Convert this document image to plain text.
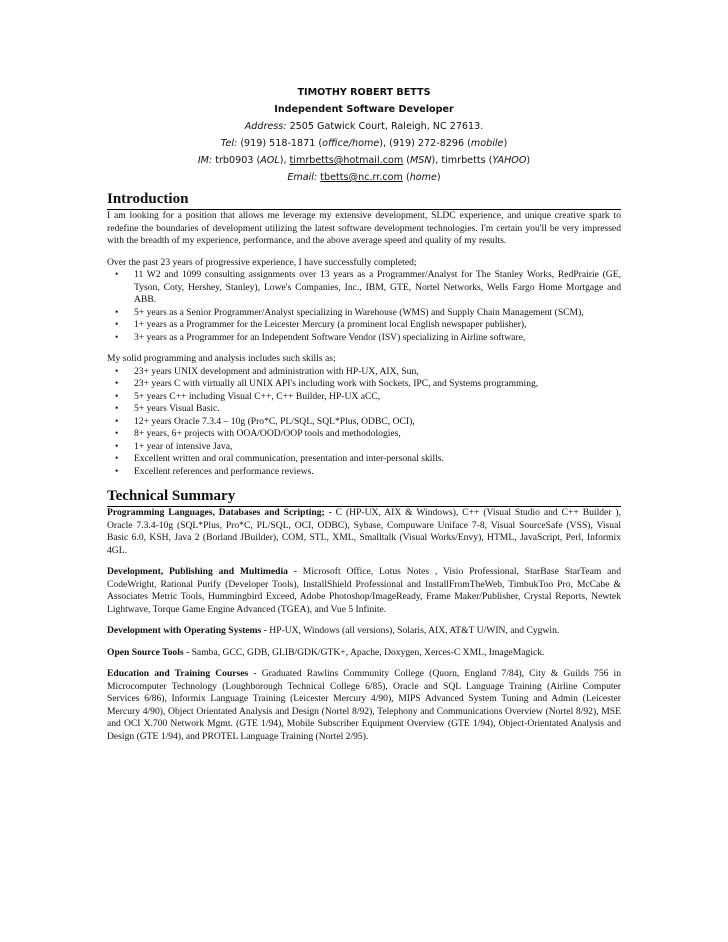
TIMOTHY ROBERT BETTS
Independent Software Developer
Address: 2505 Gatwick Court, Raleigh, NC 27613.
Tel: (919) 518-1871 (office/home), (919) 272-8296 (mobile)
IM: trb0903 (AOL), timrbetts@hotmail.com (MSN), timrbetts (YAHOO)
Email: tbetts@nc.rr.com (home)
Introduction

I am looking for a position that allows me leverage my extensive development, SLDC experience, and unique creative spark to redefine the boundaries of development utilizing the latest software development technologies. I'm certain you'll be very impressed with the breadth of my experience, performance, and the above average speed and quality of my results.

Over the past 23 years of progressive experience, I have successfully completed;

• 11 W2 and 1099 consulting assignments over 13 years as a Programmer/Analyst for The Stanley Works, RedPrairie (GE, Tyson, Coty, Hershey, Stanley), Lowe's Companies, Inc., IBM, GTE, Nortel Networks, Wells Fargo Home Mortgage and ABB.
• 5+ years as a Senior Programmer/Analyst specializing in Warehouse (WMS) and Supply Chain Management (SCM),
• 1+ years as a Programmer for the Leicester Mercury (a prominent local English newspaper publisher),
• 3+ years as a Programmer for an Independent Software Vendor (ISV) specializing in Airline software,

My solid programming and analysis includes such skills as;

• 23+ years UNIX development and administration with HP-UX, AIX, Sun,
• 23+ years C with virtually all UNIX API's including work with Sockets, IPC, and Systems programming,
• 5+ years C++ including Visual C++, C++ Builder, HP-UX aCC,
• 5+ years Visual Basic.
• 12+ years Oracle 7.3.4 – 10g (Pro*C, PL/SQL, SQL*Plus, ODBC, OCI),
• 8+ years, 6+ projects with OOA/OOD/OOP tools and methodologies,
• 1+ year of intensive Java,
• Excellent written and oral communication, presentation and inter-personal skills.
• Excellent references and performance reviews.
Technical Summary

Programming Languages, Databases and Scripting; - C (HP-UX, AIX & Windows), C++ (Visual Studio and C++ Builder ), Oracle 7.3.4-10g (SQL*Plus, Pro*C, PL/SQL, OCI, ODBC), Sybase, Compuware Uniface 7-8, Visual SourceSafe (VSS), Visual Basic 6.0, KSH, Java 2 (Borland JBuilder), COM, STL, XML, Smalltalk (Visual Works/Envy), HTML, JavaScript, Perl, Informix 4GL.

Development, Publishing and Multimedia - Microsoft Office, Lotus Notes , Visio Professional, StarBase StarTeam and CodeWright, Rational Purify (Developer Tools), InstallShield Professional and InstallFromTheWeb, TimbukToo Pro, McCabe & Associates Metric Tools, Hummingbird Exceed, Adobe Photoshop/ImageReady, Frame Maker/Publisher, Crystal Reports, Newtek Lightwave, Torque Game Engine Advanced (TGEA), and Vue 5 Infinite.

Development with Operating Systems - HP-UX, Windows (all versions), Solaris, AIX, AT&T U/WIN, and Cygwin.

Open Source Tools - Samba, GCC, GDB, GLIB/GDK/GTK+, Apache, Doxygen, Xerces-C XML, ImageMagick.

Education and Training Courses - Graduated Rawlins Community College (Quorn, England 7/84), City & Guilds 756 in Microcomputer Technology (Loughborough Technical College 6/85), Oracle and SQL Language Training (Airline Computer Services 6/86), Informix Language Training (Leicester Mercury 4/90), MIPS Advanced System Tuning and Admin (Leicester Mercury 4/90), Object Orientated Analysis and Design (Nortel 8/92), Telephony and Communications Overview (Nortel 8/92), MSE and OCI X.700 Network Mgmt. (GTE 1/94), Mobile Subscriber Equipment Overview (GTE 1/94), Object-Orientated Analysis and Design (GTE 1/94), and PROTEL Language Training (Nortel 2/95).
